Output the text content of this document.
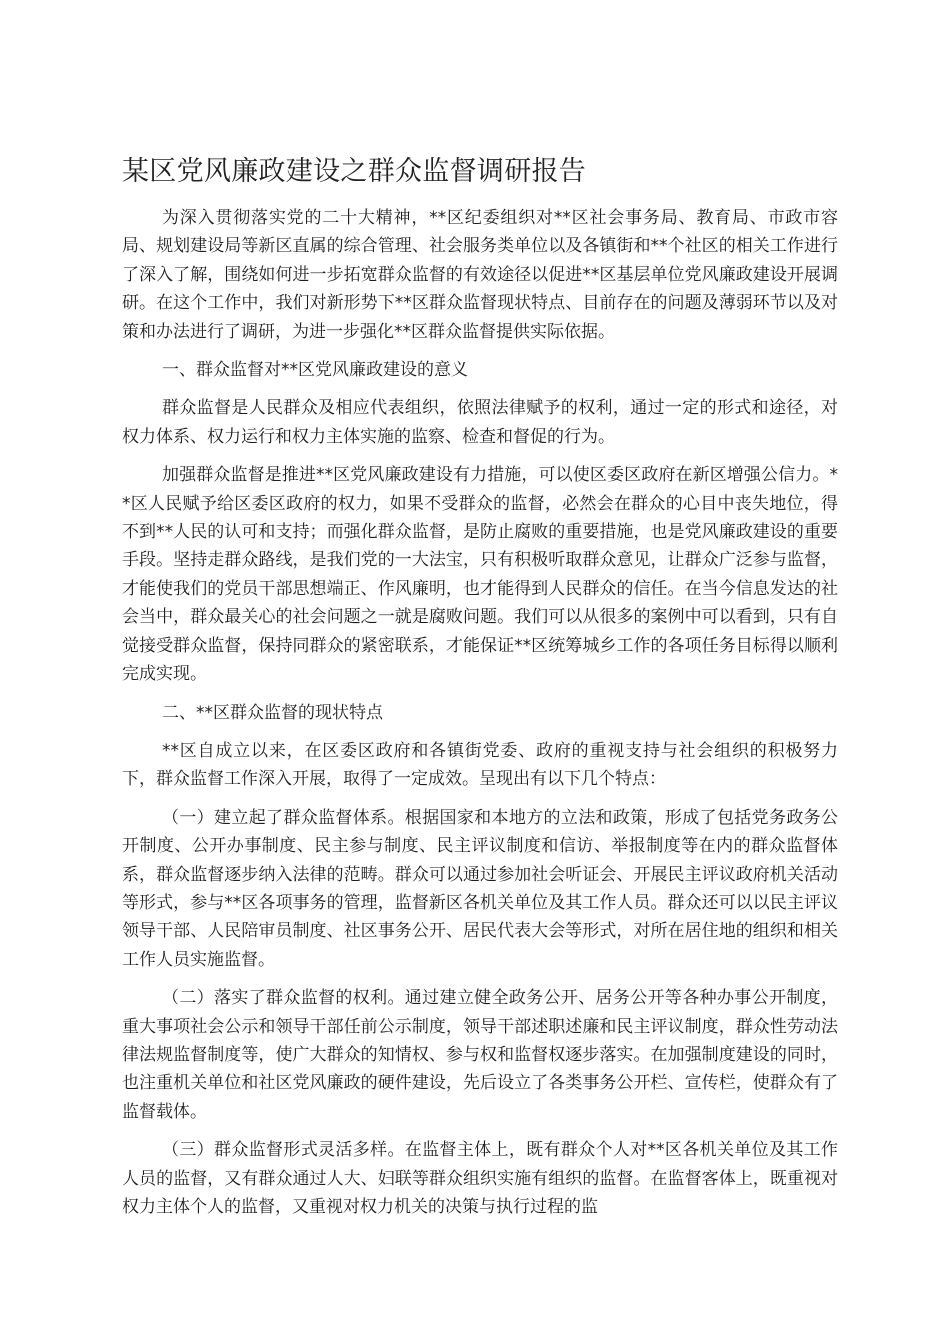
某区党风廉政建设之群众监督调研报告

为深入贯彻落实党的二十大精神，**区纪委组织对**区社会事务局、教育局、市政市容局、规划建设局等新区直属的综合管理、社会服务类单位以及各镇街和**个社区的相关工作进行了深入了解，围绕如何进一步拓宽群众监督的有效途径以促进**区基层单位党风廉政建设开展调研。在这个工作中，我们对新形势下**区群众监督现状特点、目前存在的问题及薄弱环节以及对策和办法进行了调研，为进一步强化**区群众监督提供实际依据。

一、群众监督对**区党风廉政建设的意义

群众监督是人民群众及相应代表组织，依照法律赋予的权利，通过一定的形式和途径，对权力体系、权力运行和权力主体实施的监察、检查和督促的行为。

加强群众监督是推进**区党风廉政建设有力措施，可以使区委区政府在新区增强公信力。**区人民赋予给区委区政府的权力，如果不受群众的监督，必然会在群众的心目中丧失地位，得不到**人民的认可和支持；而强化群众监督，是防止腐败的重要措施，也是党风廉政建设的重要手段。坚持走群众路线，是我们党的一大法宝，只有积极听取群众意见，让群众广泛参与监督，才能使我们的党员干部思想端正、作风廉明，也才能得到人民群众的信任。在当今信息发达的社会当中，群众最关心的社会问题之一就是腐败问题。我们可以从很多的案例中可以看到，只有自觉接受群众监督，保持同群众的紧密联系，才能保证**区统筹城乡工作的各项任务目标得以顺利完成实现。

二、**区群众监督的现状特点

**区自成立以来，在区委区政府和各镇街党委、政府的重视支持与社会组织的积极努力下，群众监督工作深入开展，取得了一定成效。呈现出有以下几个特点：

（一）建立起了群众监督体系。根据国家和本地方的立法和政策，形成了包括党务政务公开制度、公开办事制度、民主参与制度、民主评议制度和信访、举报制度等在内的群众监督体系，群众监督逐步纳入法律的范畴。群众可以通过参加社会听证会、开展民主评议政府机关活动等形式，参与**区各项事务的管理，监督新区各机关单位及其工作人员。群众还可以以民主评议领导干部、人民陪审员制度、社区事务公开、居民代表大会等形式，对所在居住地的组织和相关工作人员实施监督。

（二）落实了群众监督的权利。通过建立健全政务公开、居务公开等各种办事公开制度，重大事项社会公示和领导干部任前公示制度，领导干部述职述廉和民主评议制度，群众性劳动法律法规监督制度等，使广大群众的知情权、参与权和监督权逐步落实。在加强制度建设的同时，也注重机关单位和社区党风廉政的硬件建设，先后设立了各类事务公开栏、宣传栏，使群众有了监督载体。

（三）群众监督形式灵活多样。在监督主体上，既有群众个人对**区各机关单位及其工作人员的监督，又有群众通过人大、妇联等群众组织实施有组织的监督。在监督客体上，既重视对权力主体个人的监督，又重视对权力机关的决策与执行过程的监
